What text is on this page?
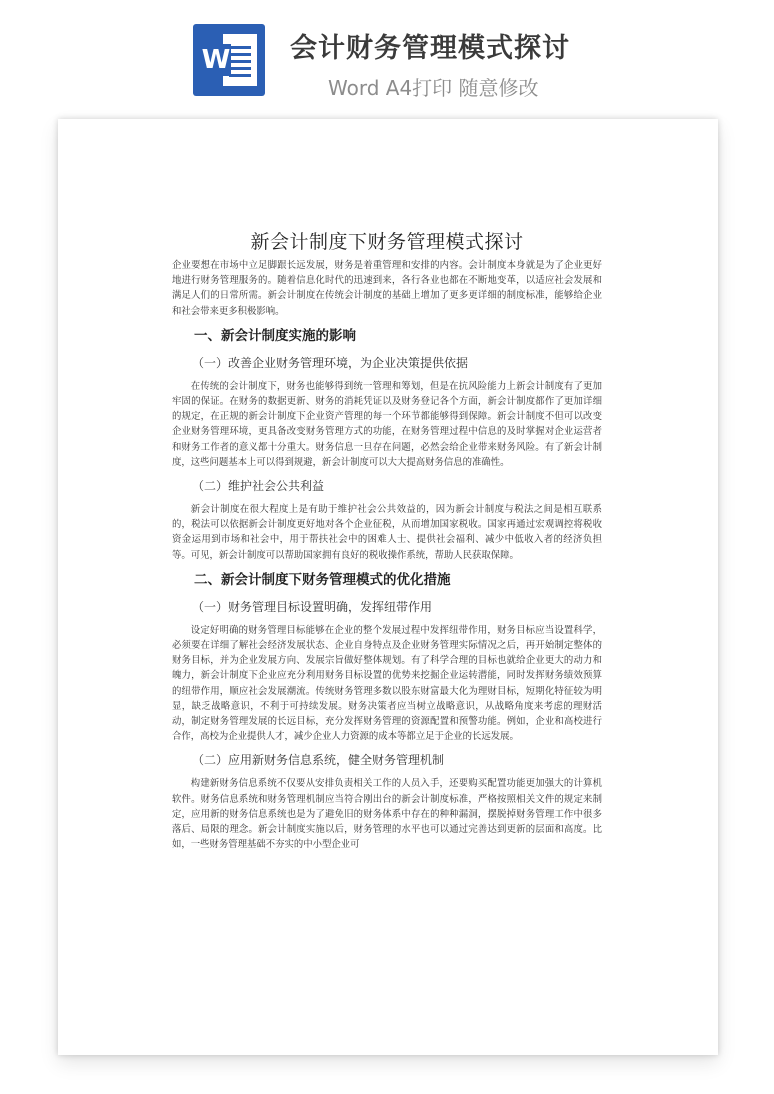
W 会计财务管理模式探讨
Word A4打印 随意修改
新会计制度下财务管理模式探讨

企业要想在市场中立足脚跟长远发展，财务是着重管理和安排的内容。会计制度本身就是为了企业更好地进行财务管理服务的。随着信息化时代的迅速到来，各行各业也都在不断地变革，以适应社会发展和满足人们的日常所需。新会计制度在传统会计制度的基础上增加了更多更详细的制度标准，能够给企业和社会带来更多积极影响。

一、新会计制度实施的影响
（一）改善企业财务管理环境，为企业决策提供依据

在传统的会计制度下，财务也能够得到统一管理和筹划，但是在抗风险能力上新会计制度有了更加牢固的保证。在财务的数据更新、财务的消耗凭证以及财务登记各个方面，新会计制度都作了更加详细的规定，在正规的新会计制度下企业资产管理的每一个环节都能够得到保障。新会计制度不但可以改变企业财务管理环境，更具备改变财务管理方式的功能，在财务管理过程中信息的及时掌握对企业运营者和财务工作者的意义都十分重大。财务信息一旦存在问题，必然会给企业带来财务风险。有了新会计制度，这些问题基本上可以得到规避，新会计制度可以大大提高财务信息的准确性。

（二）维护社会公共利益

新会计制度在很大程度上是有助于维护社会公共效益的，因为新会计制度与税法之间是相互联系的，税法可以依据新会计制度更好地对各个企业征税，从而增加国家税收。国家再通过宏观调控将税收资金运用到市场和社会中，用于帮扶社会中的困难人士、提供社会福利、减少中低收入者的经济负担等。可见，新会计制度可以帮助国家拥有良好的税收操作系统，帮助人民获取保障。

二、新会计制度下财务管理模式的优化措施
（一）财务管理目标设置明确，发挥纽带作用

设定好明确的财务管理目标能够在企业的整个发展过程中发挥纽带作用，财务目标应当设置科学，必须要在详细了解社会经济发展状态、企业自身特点及企业财务管理实际情况之后，再开始制定整体的财务目标，并为企业发展方向、发展宗旨做好整体规划。有了科学合理的目标也就给企业更大的动力和魄力，新会计制度下企业应充分利用财务目标设置的优势来挖掘企业运转潜能，同时发挥财务绩效预算的纽带作用，顺应社会发展潮流。传统财务管理多数以股东财富最大化为理财目标，短期化特征较为明显，缺乏战略意识，不利于可持续发展。财务决策者应当树立战略意识，从战略角度来考虑的理财活动，制定财务管理发展的长远目标，充分发挥财务管理的资源配置和预警功能。例如，企业和高校进行合作，高校为企业提供人才，减少企业人力资源的成本等都立足于企业的长远发展。

（二）应用新财务信息系统，健全财务管理机制

构建新财务信息系统不仅要从安排负责相关工作的人员入手，还要购买配置功能更加强大的计算机软件。财务信息系统和财务管理机制应当符合刚出台的新会计制度标准，严格按照相关文件的规定来制定，应用新的财务信息系统也是为了避免旧的财务体系中存在的种种漏洞，摆脱掉财务管理工作中很多落后、局限的理念。新会计制度实施以后，财务管理的水平也可以通过完善达到更新的层面和高度。比如，一些财务管理基础不夯实的中小型企业可
